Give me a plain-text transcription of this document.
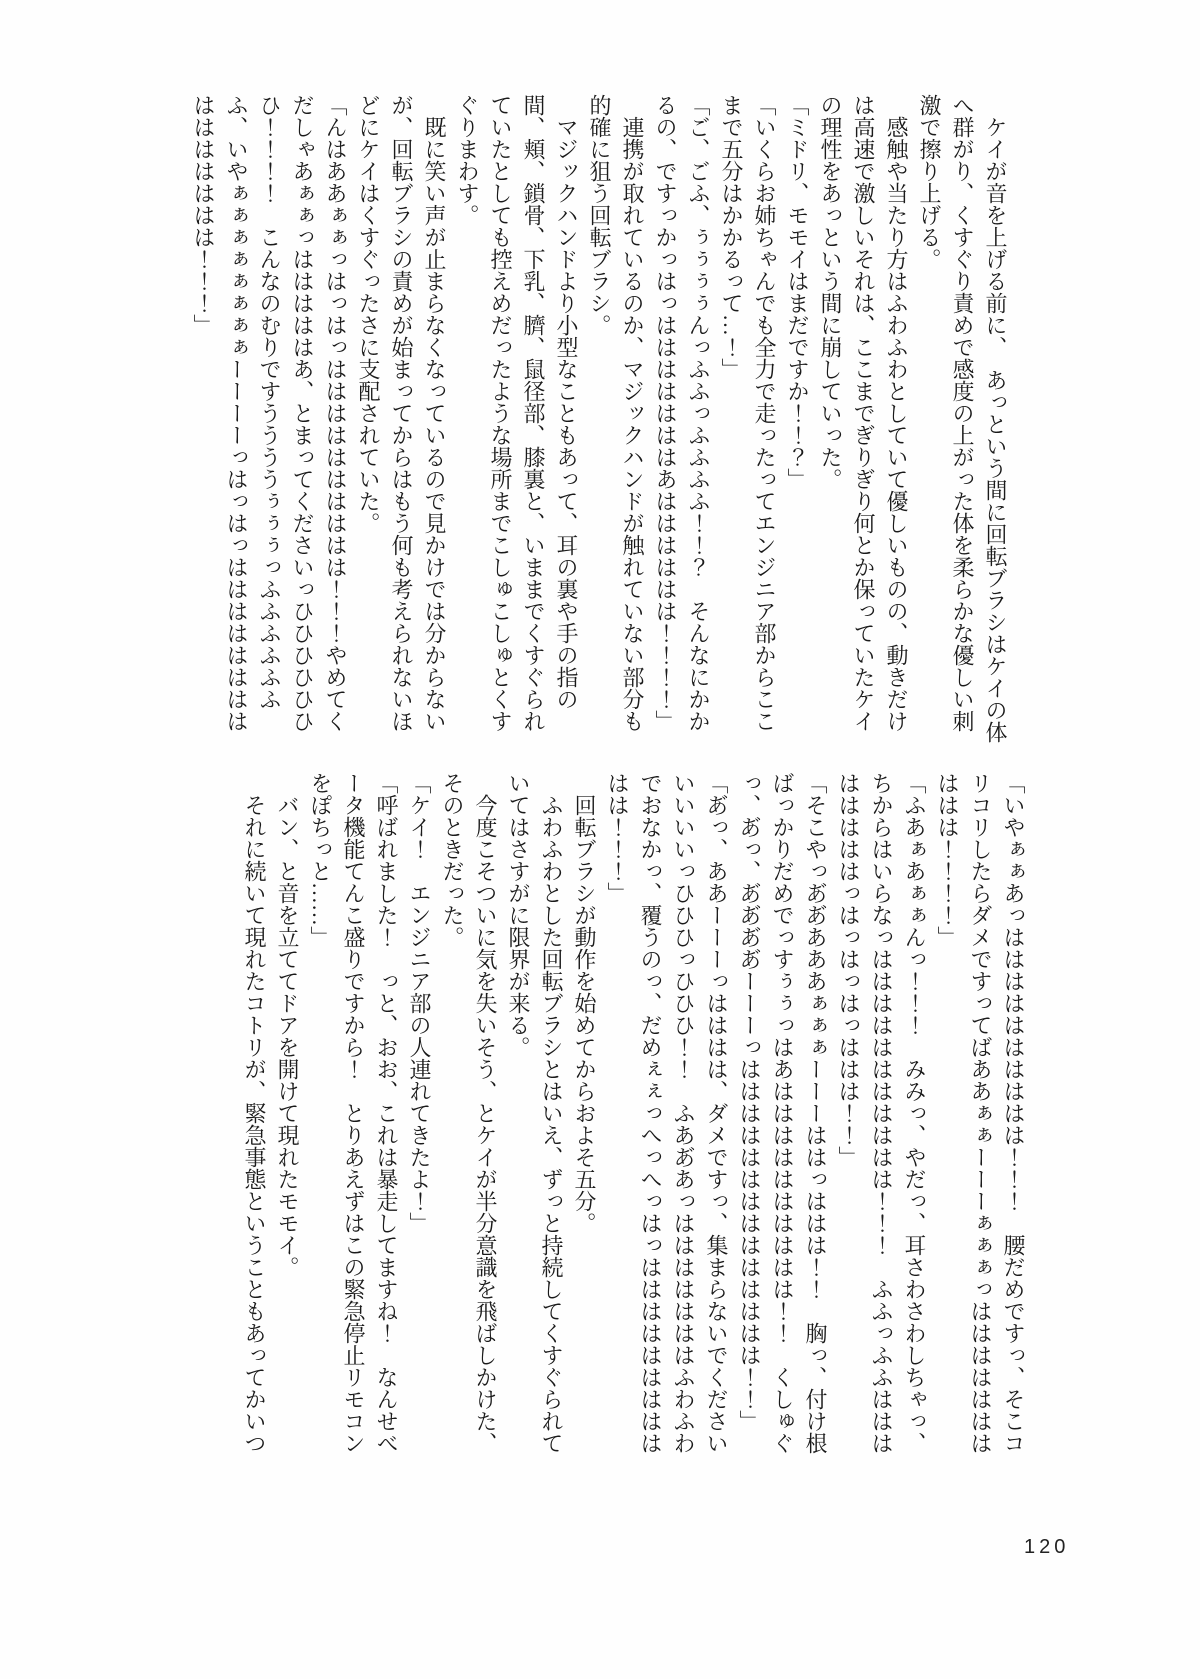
ケイが音を上げる前に、　あっという間に回転ブラシはケイの体へ群がり、くすぐり責めで感度の上がった体を柔らかな優しい刺激で擦り上げる。

感触や当たり方はふわふわとしていて優しいものの、動きだけは高速で激しいそれは、ここまでぎりぎり何とか保っていたケイの理性をあっという間に崩していった。

「ミドリ、モモイはまだですか！！？」

「いくらお姉ちゃんでも全力で走ったってエンジニア部からここまで五分はかかるって…！」

「ご、ごふ、ぅぅぅぅんっふふっふふふふ！！？　そんなにかかるの、ですっかっはっはははははははあはははははは！！！！」

連携が取れているのか、マジックハンドが触れていない部分も的確に狙う回転ブラシ。

マジックハンドより小型なこともあって、耳の裏や手の指の間、頬、鎖骨、下乳、臍、鼠径部、膝裏と、いままでくすぐられていたとしても控えめだったような場所までこしゅこしゅとくすぐりまわす。

既に笑い声が止まらなくなっているので見かけでは分からないが、回転ブラシの責めが始まってからはもう何も考えられないほどにケイはくすぐったさに支配されていた。

「んはああぁぁっはっはっはははははははははは！！！やめてくだしゃあぁぁっはははははあ、とまってくださいっひひひひひひひ！！！！　こんなのむりですううううぅぅぅっふふふふふふふ、いやぁぁぁぁぁぁぁぁーーーーっはっはっははははははははははははははは！！！」

「いやぁぁあっはははははははははは！！！　腰だめですっ、そこコリコリしたらダメですってばああぁぁーーーぁぁぁっはははははははははは！！！！」

「ふあぁあぁぁんっ！！！　みみっ、やだっ、耳さわさわしちゃっ、ちからはいらなっははははははははははは！！！　ふふっふふははははははははっはっはっはっははは！！」

「そこやっあ゙あ゙あああぁぁぁーーーははっははは！！　胸っ、付け根ばっかりだめでっすぅぅっはあはははははははははは！！　くしゅぐっ、あ゙っ、あ゙あ゙あ゙あ゙ーーーっはははははははははははははは！！」

「あ゙っ、ああーーーっはははは、ダメですっ、集まらないでくださいいいいいっひひひっひひひ！！　ふああ゙あっはははははははふわふわでおなかっ、覆うのっ、だめぇぇっへっへっはっははははははははははは！！！」

回転ブラシが動作を始めてからおよそ五分。

ふわふわとした回転ブラシとはいえ、ずっと持続してくすぐられていてはさすがに限界が来る。

今度こそついに気を失いそう、とケイが半分意識を飛ばしかけた、そのときだった。

「ケイ！　エンジニア部の人連れてきたよ！」

「呼ばれました！　っと、おお、これは暴走してますね！　なんせべータ機能てんこ盛りですから！　とりあえずはこの緊急停止リモコンをぽちっと……」

バン、と音を立ててドアを開けて現れたモモイ。

それに続いて現れたコトリが、緊急事態ということもあってかいつ

120
